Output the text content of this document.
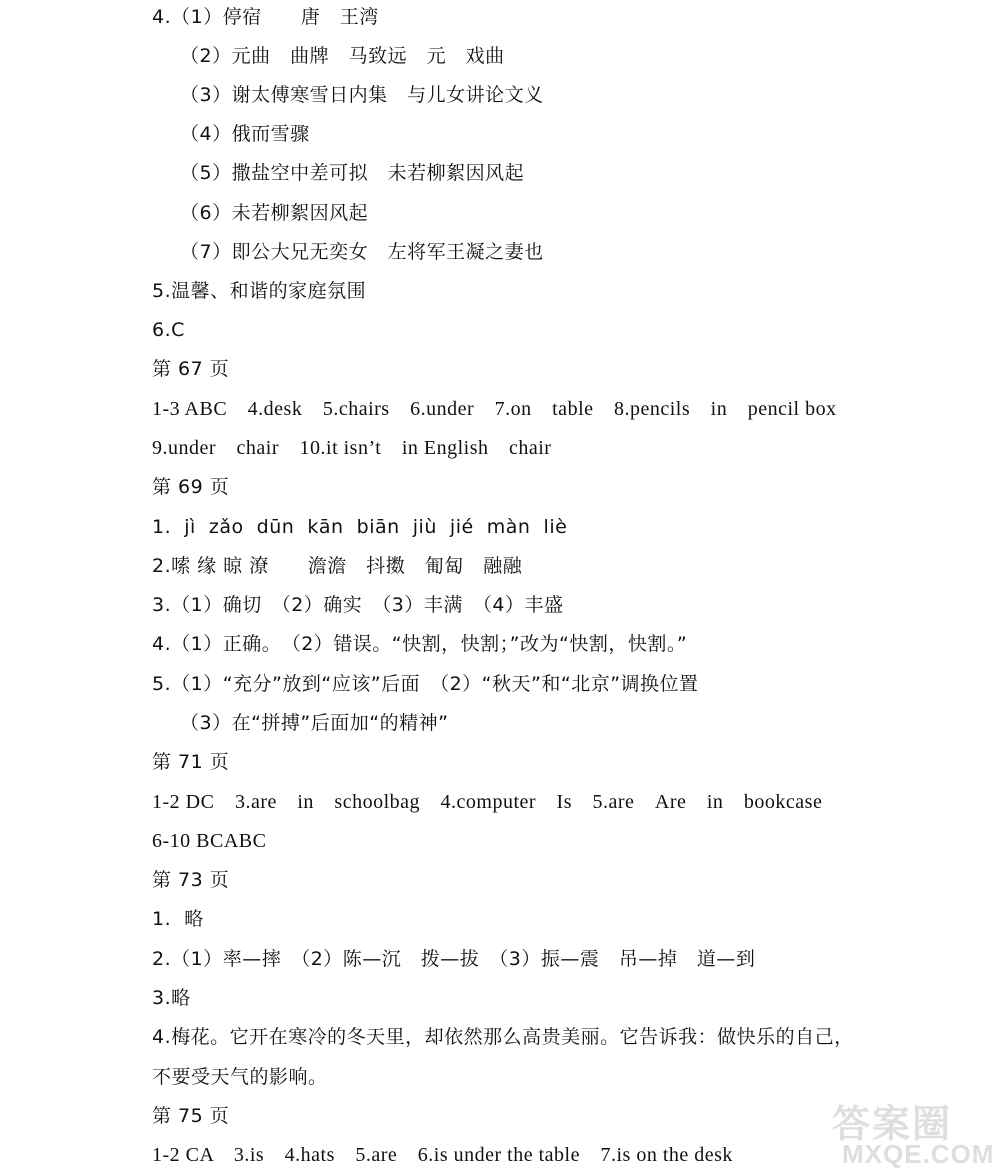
4.（1）停宿　　唐　王湾
（2）元曲　曲牌　马致远　元　戏曲
（3）谢太傅寒雪日内集　与儿女讲论文义
（4）俄而雪骤
（5）撒盐空中差可拟　未若柳絮因风起
（6）未若柳絮因风起
（7）即公大兄无奕女　左将军王凝之妻也
5.温馨、和谐的家庭氛围
6.C
第 67 页
1-3 ABC　4.desk　5.chairs　6.under　7.on　table　8.pencils　in　pencil box
9.under　chair　10.it isn’t　in English　chair
第 69 页
1.  jì  zǎo  dūn  kān  biān  jiù  jié  màn  liè
2.嗦 缘 晾 潦　　澹澹　抖擞　匍匐　融融
3.（1）确切　（2）确实　（3）丰满　（4）丰盛
4.（1）正确。　（2）错误。“快割，快割；”改为“快割，快割。”
5.（1）“充分”放到“应该”后面　（2）“秋天”和“北京”调换位置
（3）在“拼搏”后面加“的精神”
第 71 页
1-2 DC　3.are　in　schoolbag　4.computer　Is　5.are　Are　in　bookcase
6-10 BCABC
第 73 页
1.  略
2.（1）率—摔　（2）陈—沉　拨—拔　（3）振—震　吊—掉　道—到
3.略
4.梅花。它开在寒冷的冬天里，却依然那么高贵美丽。它告诉我：做快乐的自己，
不要受天气的影响。
第 75 页
1-2 CA　3.is　4.hats　5.are　6.is under the table　7.is on the desk
答案圈
MXQE.COM
